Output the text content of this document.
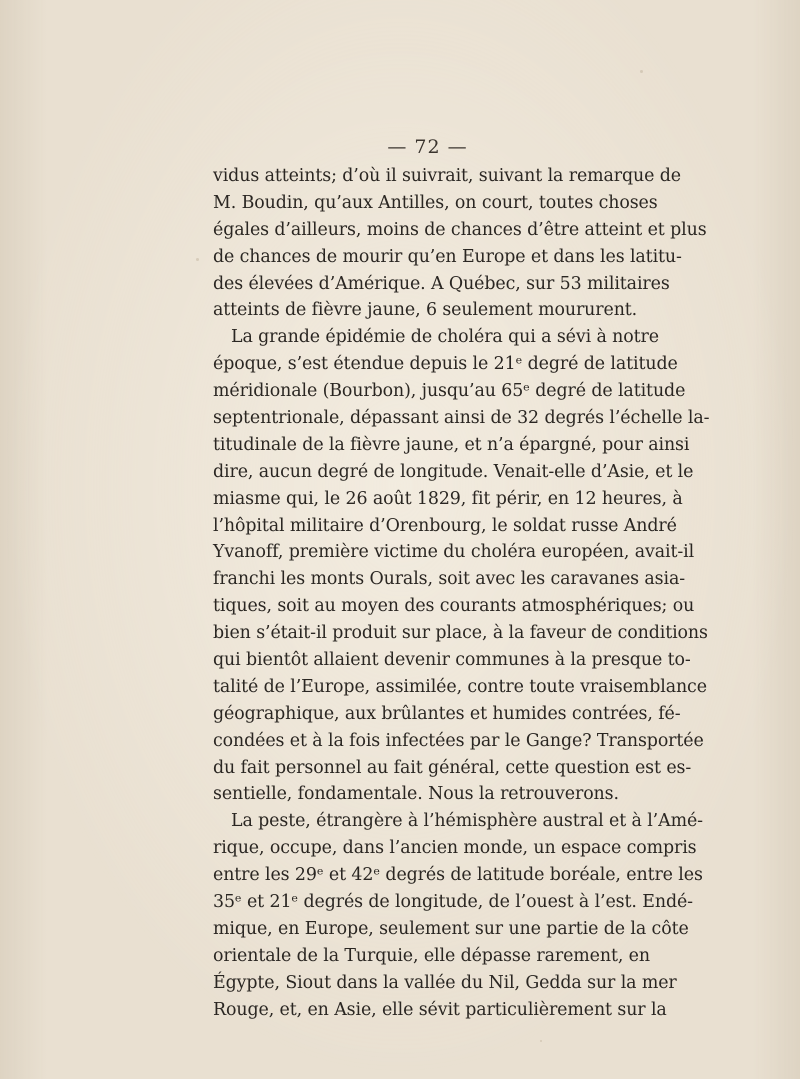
— 72 —
vidus atteints; d’où il suivrait, suivant la remarque de
M. Boudin, qu’aux Antilles, on court, toutes choses
égales d’ailleurs, moins de chances d’être atteint et plus
de chances de mourir qu’en Europe et dans les latitu-
des élevées d’Amérique. A Québec, sur 53 militaires
atteints de fièvre jaune, 6 seulement moururent.
La grande épidémie de choléra qui a sévi à notre
époque, s’est étendue depuis le 21ᵉ degré de latitude
méridionale (Bourbon), jusqu’au 65ᵉ degré de latitude
septentrionale, dépassant ainsi de 32 degrés l’échelle la-
titudinale de la fièvre jaune, et n’a épargné, pour ainsi
dire, aucun degré de longitude. Venait-elle d’Asie, et le
miasme qui, le 26 août 1829, fit périr, en 12 heures, à
l’hôpital militaire d’Orenbourg, le soldat russe André
Yvanoff, première victime du choléra européen, avait-il
franchi les monts Ourals, soit avec les caravanes asia-
tiques, soit au moyen des courants atmosphériques; ou
bien s’était-il produit sur place, à la faveur de conditions
qui bientôt allaient devenir communes à la presque to-
talité de l’Europe, assimilée, contre toute vraisemblance
géographique, aux brûlantes et humides contrées, fé-
condées et à la fois infectées par le Gange? Transportée
du fait personnel au fait général, cette question est es-
sentielle, fondamentale. Nous la retrouverons.
La peste, étrangère à l’hémisphère austral et à l’Amé-
rique, occupe, dans l’ancien monde, un espace compris
entre les 29ᵉ et 42ᵉ degrés de latitude boréale, entre les
35ᵉ et 21ᵉ degrés de longitude, de l’ouest à l’est. Endé-
mique, en Europe, seulement sur une partie de la côte
orientale de la Turquie, elle dépasse rarement, en
Égypte, Siout dans la vallée du Nil, Gedda sur la mer
Rouge, et, en Asie, elle sévit particulièrement sur la
